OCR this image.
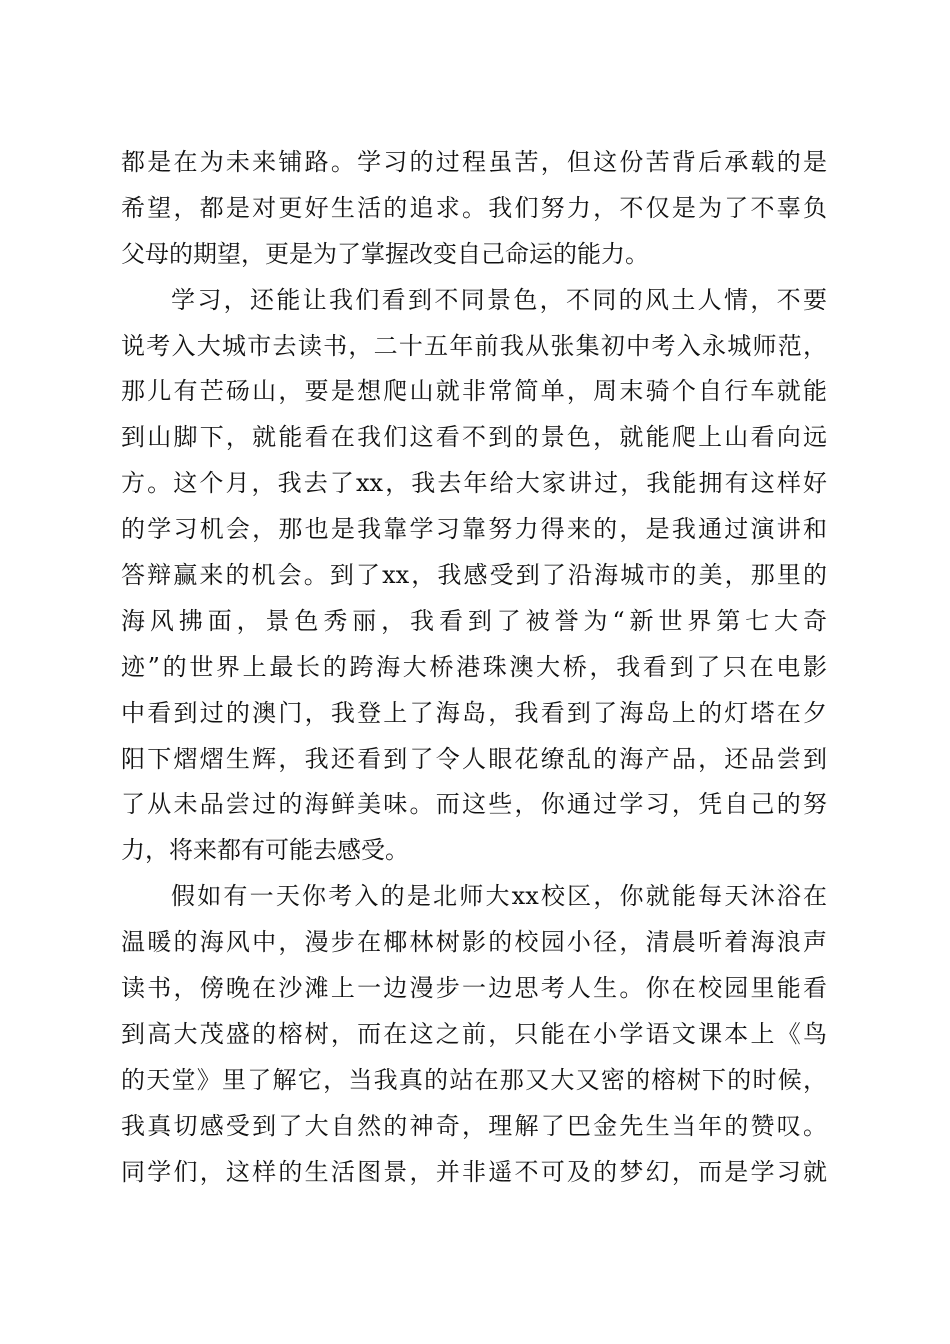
都是在为未来铺路。学习的过程虽苦，但这份苦背后承载的是
希望，都是对更好生活的追求。我们努力，不仅是为了不辜负
父母的期望，更是为了掌握改变自己命运的能力。
学习，还能让我们看到不同景色，不同的风土人情，不要
说考入大城市去读书，二十五年前我从张集初中考入永城师范，
那儿有芒砀山，要是想爬山就非常简单，周末骑个自行车就能
到山脚下，就能看在我们这看不到的景色，就能爬上山看向远
方。这个月，我去了xx，我去年给大家讲过，我能拥有这样好
的学习机会，那也是我靠学习靠努力得来的，是我通过演讲和
答辩赢来的机会。到了xx，我感受到了沿海城市的美，那里的
海风拂面，景色秀丽，我看到了被誉为“新世界第七大奇
迹”的世界上最长的跨海大桥港珠澳大桥，我看到了只在电影
中看到过的澳门，我登上了海岛，我看到了海岛上的灯塔在夕
阳下熠熠生辉，我还看到了令人眼花缭乱的海产品，还品尝到
了从未品尝过的海鲜美味。而这些，你通过学习，凭自己的努
力，将来都有可能去感受。
假如有一天你考入的是北师大xx校区，你就能每天沐浴在
温暖的海风中，漫步在椰林树影的校园小径，清晨听着海浪声
读书，傍晚在沙滩上一边漫步一边思考人生。你在校园里能看
到高大茂盛的榕树，而在这之前，只能在小学语文课本上《鸟
的天堂》里了解它，当我真的站在那又大又密的榕树下的时候，
我真切感受到了大自然的神奇，理解了巴金先生当年的赞叹。
同学们，这样的生活图景，并非遥不可及的梦幻，而是学习就
